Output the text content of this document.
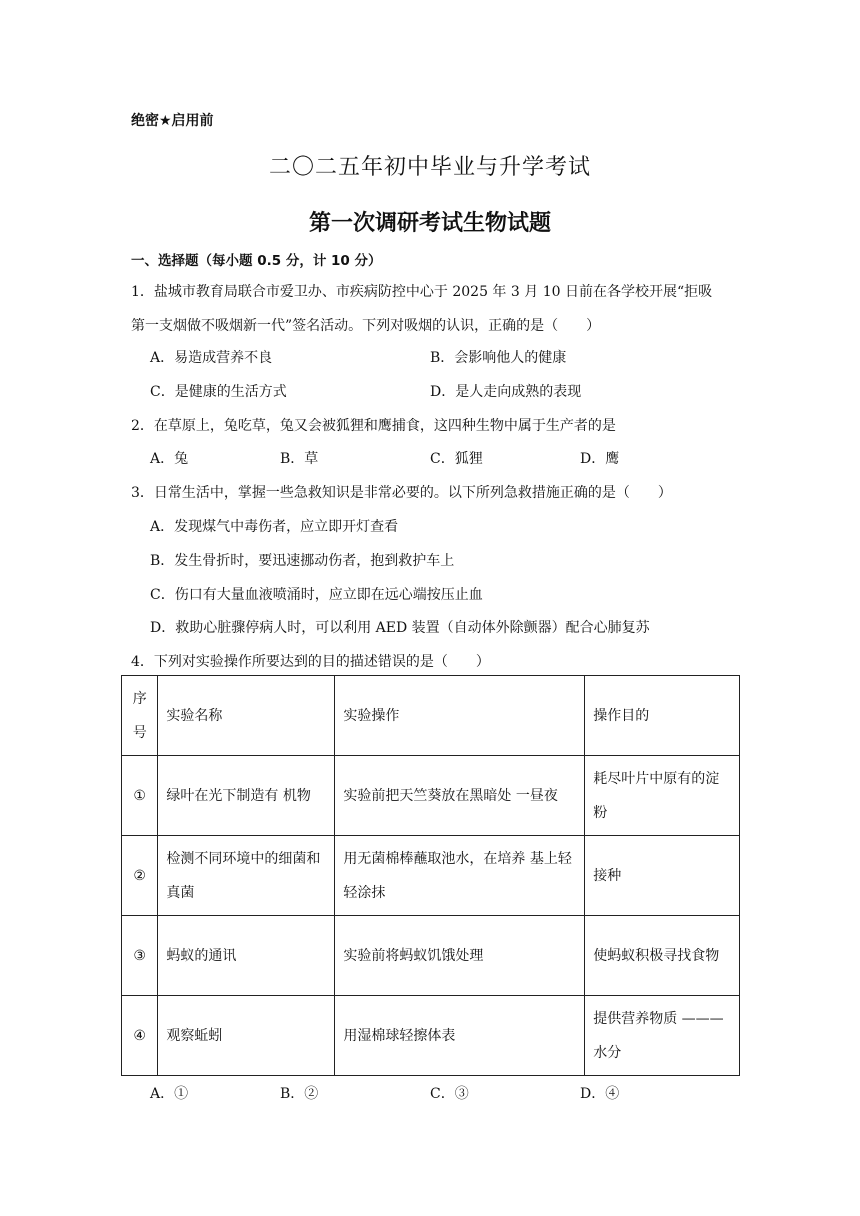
绝密★启用前
二〇二五年初中毕业与升学考试
第一次调研考试生物试题
一、选择题（每小题 0.5 分，计 10 分）
1．盐城市教育局联合市爱卫办、市疾病防控中心于 2025 年 3 月 10 日前在各学校开展“拒吸
第一支烟做不吸烟新一代”签名活动。下列对吸烟的认识，正确的是（　　）
A．易造成营养不良	B．会影响他人的健康
C．是健康的生活方式	D．是人走向成熟的表现
2．在草原上，兔吃草，兔又会被狐狸和鹰捕食，这四种生物中属于生产者的是
A．兔	B．草	C．狐狸	D．鹰
3．日常生活中，掌握一些急救知识是非常必要的。以下所列急救措施正确的是（　　）
A．发现煤气中毒伤者，应立即开灯查看
B．发生骨折时，要迅速挪动伤者，抱到救护车上
C．伤口有大量血液喷涌时，应立即在远心端按压止血
D．救助心脏骤停病人时，可以利用 AED 装置（自动体外除颤器）配合心肺复苏
4．下列对实验操作所要达到的目的描述错误的是（　　）
序号	实验名称	实验操作	操作目的
①	绿叶在光下制造有 机物	实验前把天竺葵放在黑暗处 一昼夜	耗尽叶片中原有的淀粉
②	检测不同环境中的细菌和真菌	用无菌棉棒蘸取池水，在培养 基上轻轻涂抹	接种
③	蚂蚁的通讯	实验前将蚂蚁饥饿处理	使蚂蚁积极寻找食物
④	观察蚯蚓	用湿棉球轻擦体表	提供营养物质 ———水分
A．①	B．②	C．③	D．④
